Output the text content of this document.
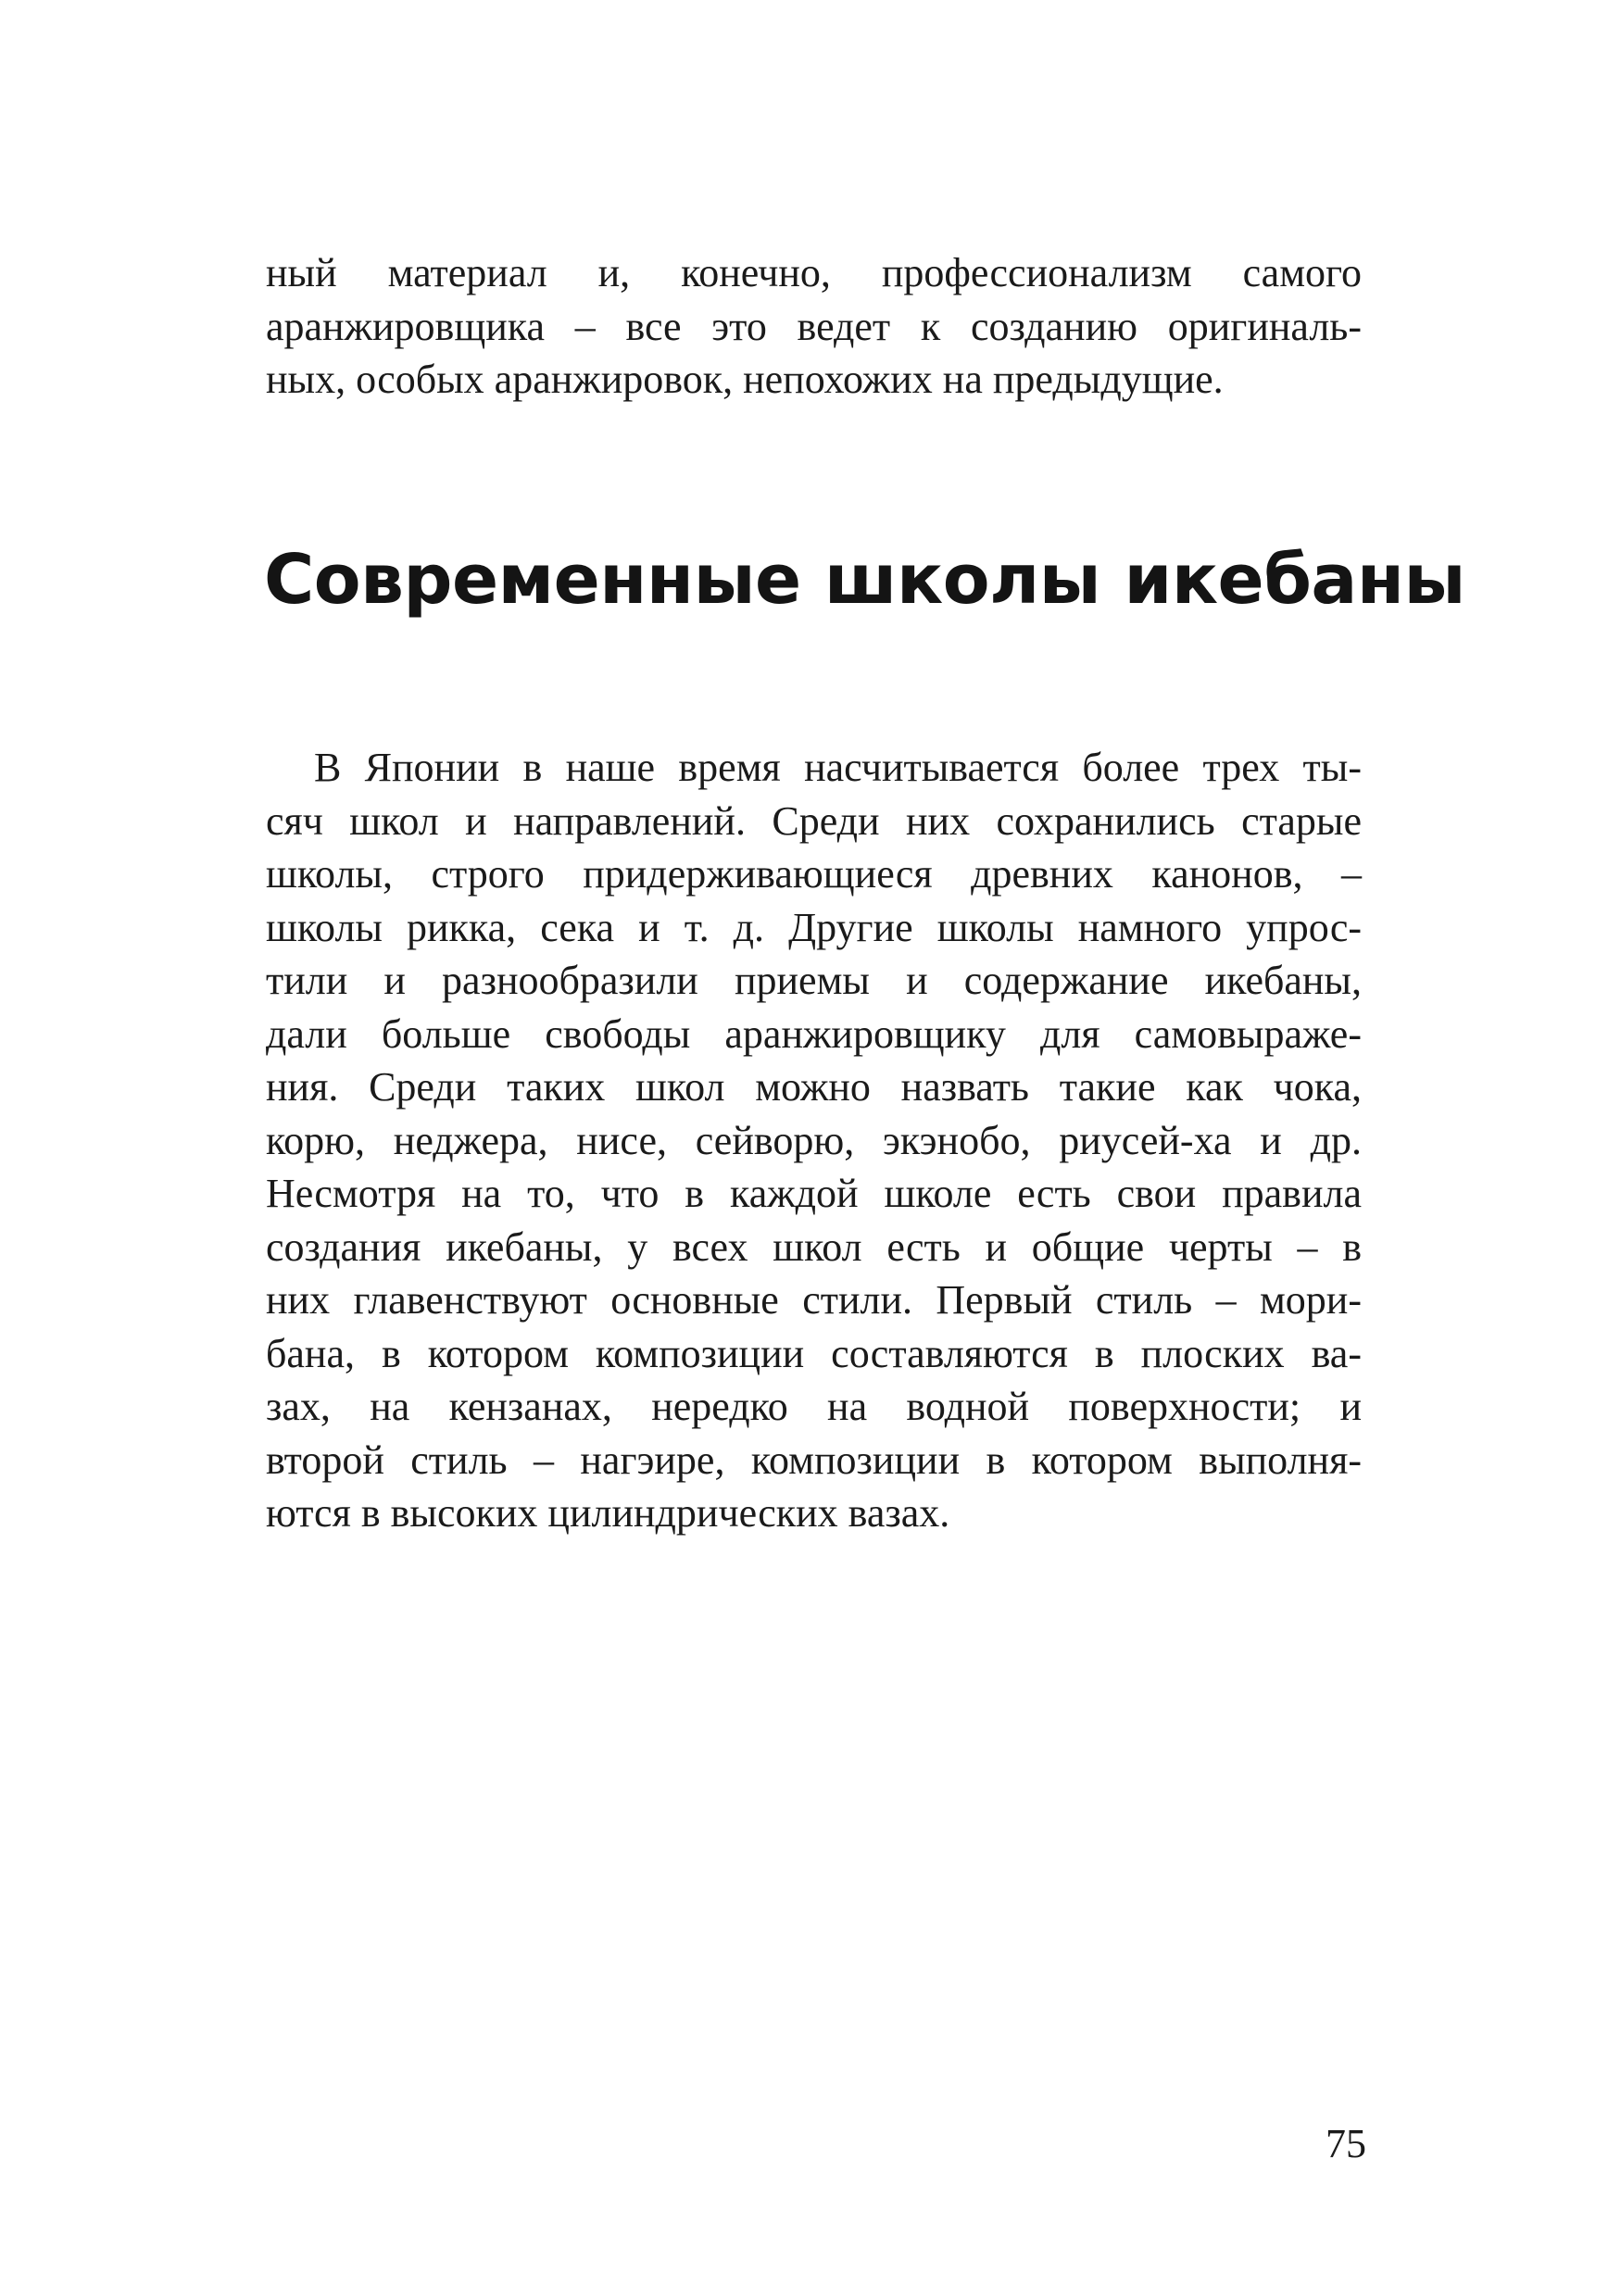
ный материал и, конечно, профессионализм самого
аранжировщика – все это ведет к созданию оригиналь-
ных, особых аранжировок, непохожих на предыдущие.
Современные школы икебаны
В Японии в наше время насчитывается более трех ты-
сяч школ и направлений. Среди них сохранились старые
школы, строго придерживающиеся древних канонов, –
школы рикка, сека и т. д. Другие школы намного упрос-
тили и разнообразили приемы и содержание икебаны,
дали больше свободы аранжировщику для самовыраже-
ния. Среди таких школ можно назвать такие как чока,
корю, неджера, нисе, сейворю, экэнобо, риусей-ха и др.
Несмотря на то, что в каждой школе есть свои правила
создания икебаны, у всех школ есть и общие черты – в
них главенствуют основные стили. Первый стиль – мори-
бана, в котором композиции составляются в плоских ва-
зах, на кензанах, нередко на водной поверхности; и
второй стиль – нагэире, композиции в котором выполня-
ются в высоких цилиндрических вазах.
75
